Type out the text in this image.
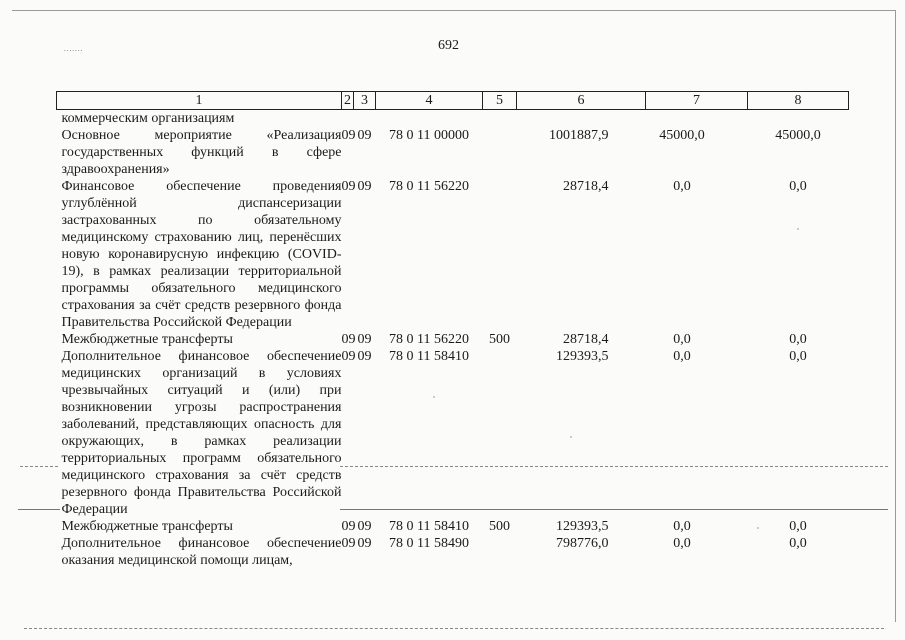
.......	692
1	2	3	4	5	6	7	8
коммерческим организациям							
Основное мероприятие «Реализация государственных функций в сфере здравоохранения»	09	09	78 0 11 00000		1001887,9	45000,0	45000,0
Финансовое обеспечение проведения углублённой диспансеризации застрахованных по обязательному медицинскому страхованию лиц, перенёсших новую коронавирусную инфекцию (COVID-19), в рамках реализации территориальной программы обязательного медицинского страхования за счёт средств резервного фонда Правительства Российской Федерации	09	09	78 0 11 56220		28718,4	0,0	0,0
Межбюджетные трансферты	09	09	78 0 11 56220	500	28718,4	0,0	0,0
Дополнительное финансовое обеспечение медицинских организаций в условиях чрезвычайных ситуаций и (или) при возникновении угрозы распространения заболеваний, представляющих опасность для окружающих, в рамках реализации территориальных программ обязательного медицинского страхования за счёт средств резервного фонда Правительства Российской Федерации	09	09	78 0 11 58410		129393,5	0,0	0,0
Межбюджетные трансферты	09	09	78 0 11 58410	500	129393,5	0,0	0,0
Дополнительное финансовое обеспечение оказания медицинской помощи лицам,	09	09	78 0 11 58490		798776,0	0,0	0,0
